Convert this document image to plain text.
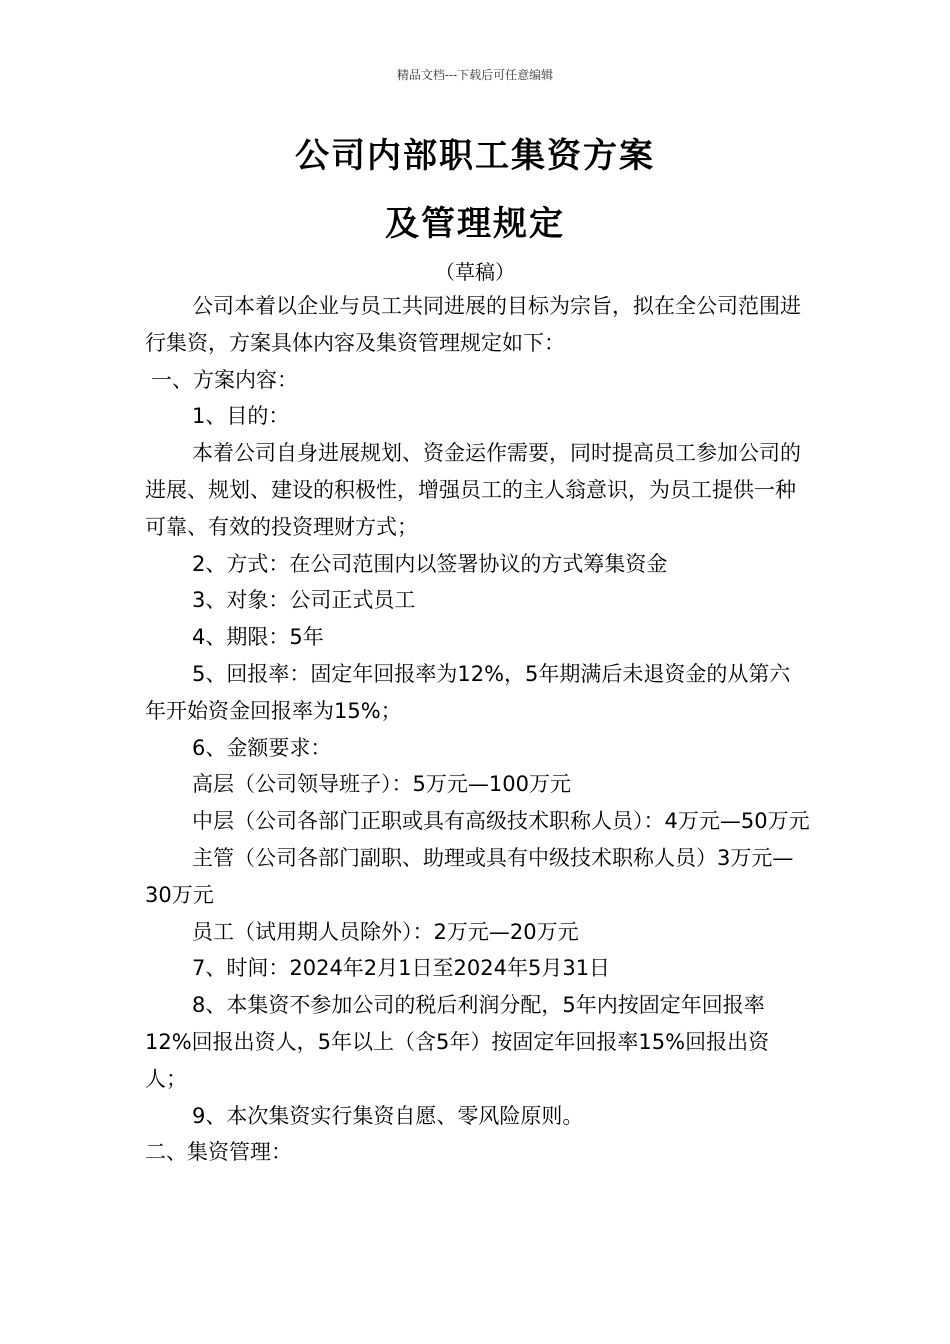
精品文档---下载后可任意编辑
公司内部职工集资方案
及管理规定
（草稿）

公司本着以企业与员工共同进展的目标为宗旨，拟在全公司范围进行集资，方案具体内容及集资管理规定如下：

一、方案内容：

1、目的：

本着公司自身进展规划、资金运作需要，同时提高员工参加公司的进展、规划、建设的积极性，增强员工的主人翁意识，为员工提供一种可靠、有效的投资理财方式；

2、方式：在公司范围内以签署协议的方式筹集资金

3、对象：公司正式员工

4、期限：5年

5、回报率：固定年回报率为12%，5年期满后未退资金的从第六年开始资金回报率为15%；

6、金额要求：

高层（公司领导班子）：5万元—100万元

中层（公司各部门正职或具有高级技术职称人员）：4万元—50万元

主管（公司各部门副职、助理或具有中级技术职称人员）3万元—30万元

员工（试用期人员除外）：2万元—20万元

7、时间：2024年2月1日至2024年5月31日

8、本集资不参加公司的税后利润分配，5年内按固定年回报率12%回报出资人，5年以上（含5年）按固定年回报率15%回报出资人；

9、本次集资实行集资自愿、零风险原则。

二、集资管理：
